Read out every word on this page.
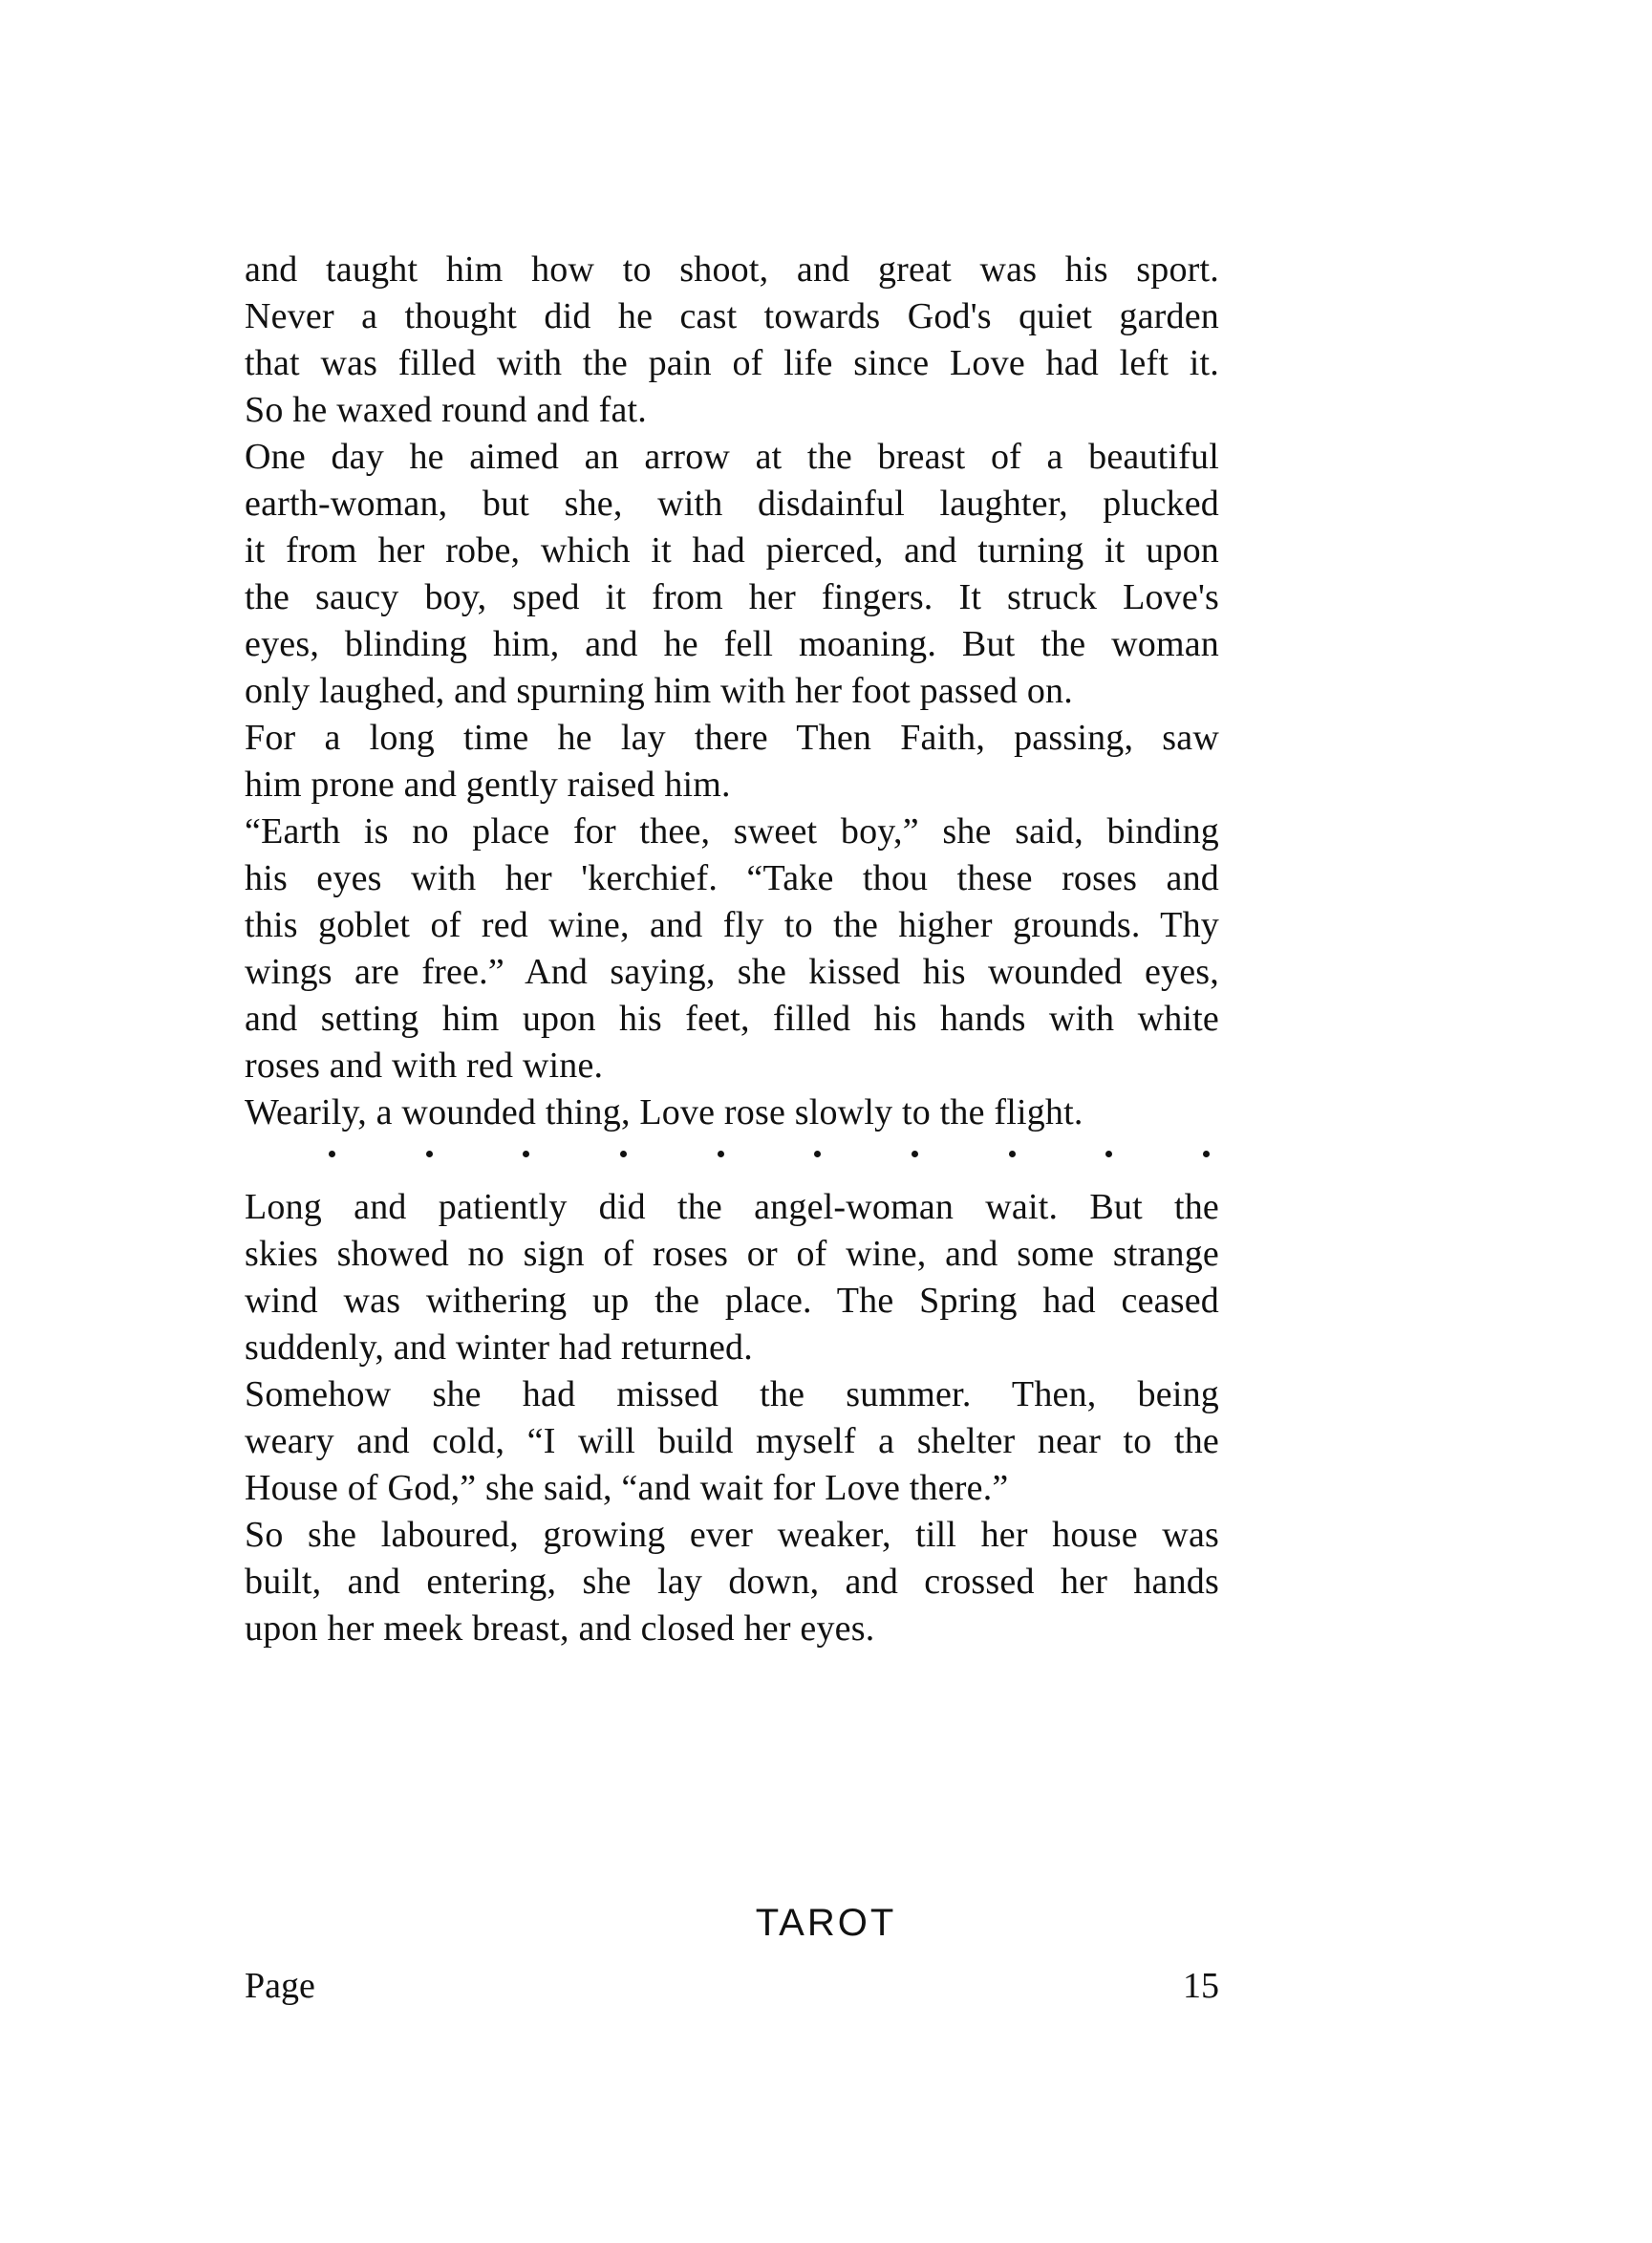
and taught him how to shoot, and great was his sport.
Never a thought did he cast towards God's quiet garden
that was filled with the pain of life since Love had left it.
So he waxed round and fat.
One day he aimed an arrow at the breast of a beautiful
earth-woman, but she, with disdainful laughter, plucked
it from her robe, which it had pierced, and turning it upon
the saucy boy, sped it from her fingers. It struck Love's
eyes, blinding him, and he fell moaning. But the woman
only laughed, and spurning him with her foot passed on.
For a long time he lay there Then Faith, passing, saw
him prone and gently raised him.
“Earth is no place for thee, sweet boy,” she said, binding
his eyes with her 'kerchief. “Take thou these roses and
this goblet of red wine, and fly to the higher grounds. Thy
wings are free.” And saying, she kissed his wounded eyes,
and setting him upon his feet, filled his hands with white
roses and with red wine.
Wearily, a wounded thing, Love rose slowly to the flight.
Long and patiently did the angel-woman wait. But the
skies showed no sign of roses or of wine, and some strange
wind was withering up the place. The Spring had ceased
suddenly, and winter had returned.
Somehow she had missed the summer. Then, being
weary and cold, “I will build myself a shelter near to the
House of God,” she said, “and wait for Love there.”
So she laboured, growing ever weaker, till her house was
built, and entering, she lay down, and crossed her hands
upon her meek breast, and closed her eyes.
TAROT
Page	15
